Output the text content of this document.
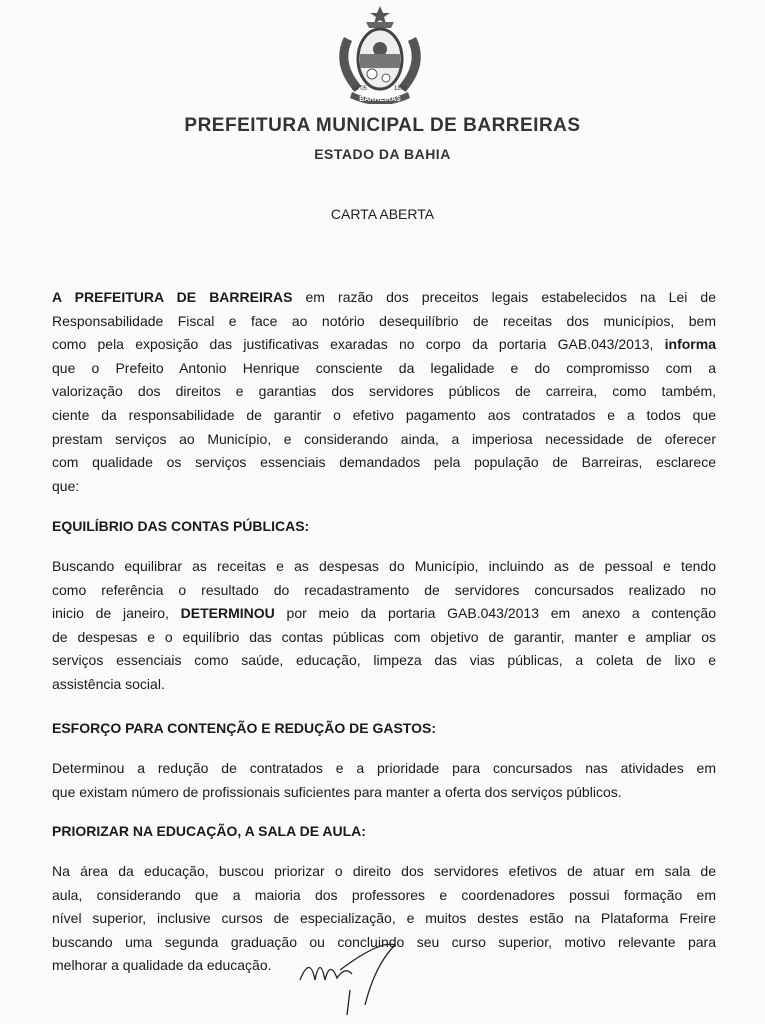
BARREIRAS
24 05	1891
PREFEITURA MUNICIPAL DE BARREIRAS
ESTADO DA BAHIA
CARTA ABERTA
A PREFEITURA DE BARREIRAS em razão dos preceitos legais estabelecidos na Lei de
Responsabilidade Fiscal e face ao notório desequilíbrio de receitas dos municípios, bem
como pela exposição das justificativas exaradas no corpo da portaria GAB.043/2013, informa
que o Prefeito Antonio Henrique consciente da legalidade e do compromisso com a
valorização dos direitos e garantias dos servidores públicos de carreira, como também,
ciente da responsabilidade de garantir o efetivo pagamento aos contratados e a todos que
prestam serviços ao Município, e considerando ainda, a imperiosa necessidade de oferecer
com qualidade os serviços essenciais demandados pela população de Barreiras, esclarece
que:
EQUILÍBRIO DAS CONTAS PÚBLICAS:
Buscando equilibrar as receitas e as despesas do Município, incluindo as de pessoal e tendo
como referência o resultado do recadastramento de servidores concursados realizado no
inicio de janeiro, DETERMINOU por meio da portaria GAB.043/2013 em anexo a contenção
de despesas e o equilíbrio das contas públicas com objetivo de garantir, manter e ampliar os
serviços essenciais como saúde, educação, limpeza das vias públicas, a coleta de lixo e
assistência social.
ESFORÇO PARA CONTENÇÃO E REDUÇÃO DE GASTOS:
Determinou a redução de contratados e a prioridade para concursados nas atividades em
que existam número de profissionais suficientes para manter a oferta dos serviços públicos.
PRIORIZAR NA EDUCAÇÃO, A SALA DE AULA:
Na área da educação, buscou priorizar o direito dos servidores efetivos de atuar em sala de
aula, considerando que a maioria dos professores e coordenadores possui formação em
nível superior, inclusive cursos de especialização, e muitos destes estão na Plataforma Freire
buscando uma segunda graduação ou concluindo seu curso superior, motivo relevante para
melhorar a qualidade da educação.
